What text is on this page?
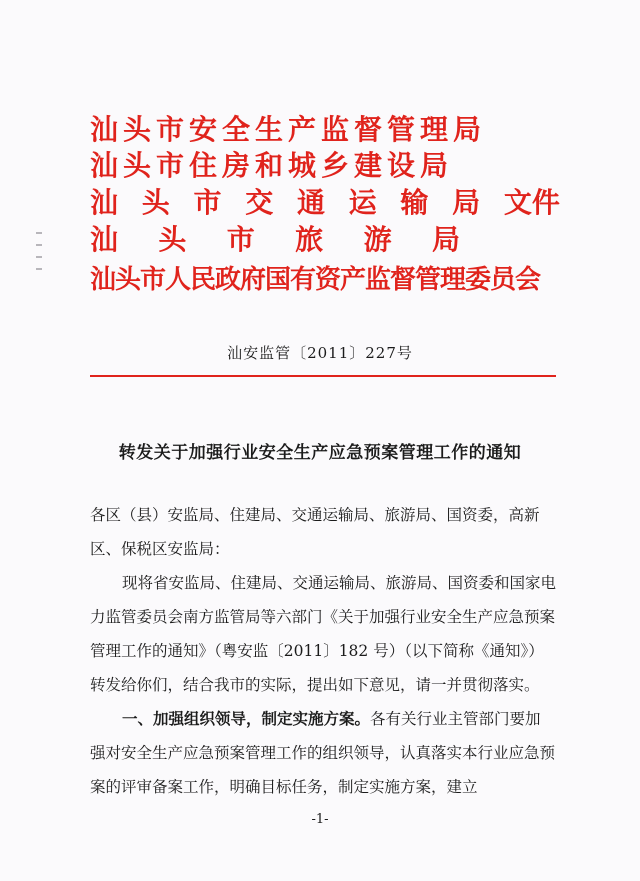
汕头市安全生产监督管理局
汕头市住房和城乡建设局
汕 头 市 交 通 运 输 局 文件
汕 头 市 旅 游 局
汕头市人民政府国有资产监督管理委员会
汕安监管〔2011〕227号
转发关于加强行业安全生产应急预案管理工作的通知
各区（县）安监局、住建局、交通运输局、旅游局、国资委，高新区、保税区安监局：
现将省安监局、住建局、交通运输局、旅游局、国资委和国家电力监管委员会南方监管局等六部门《关于加强行业安全生产应急预案管理工作的通知》（粤安监〔2011〕182 号）（以下简称《通知》）转发给你们，结合我市的实际，提出如下意见，请一并贯彻落实。
一、加强组织领导，制定实施方案。各有关行业主管部门要加强对安全生产应急预案管理工作的组织领导，认真落实本行业应急预案的评审备案工作，明确目标任务，制定实施方案，建立
-1-
